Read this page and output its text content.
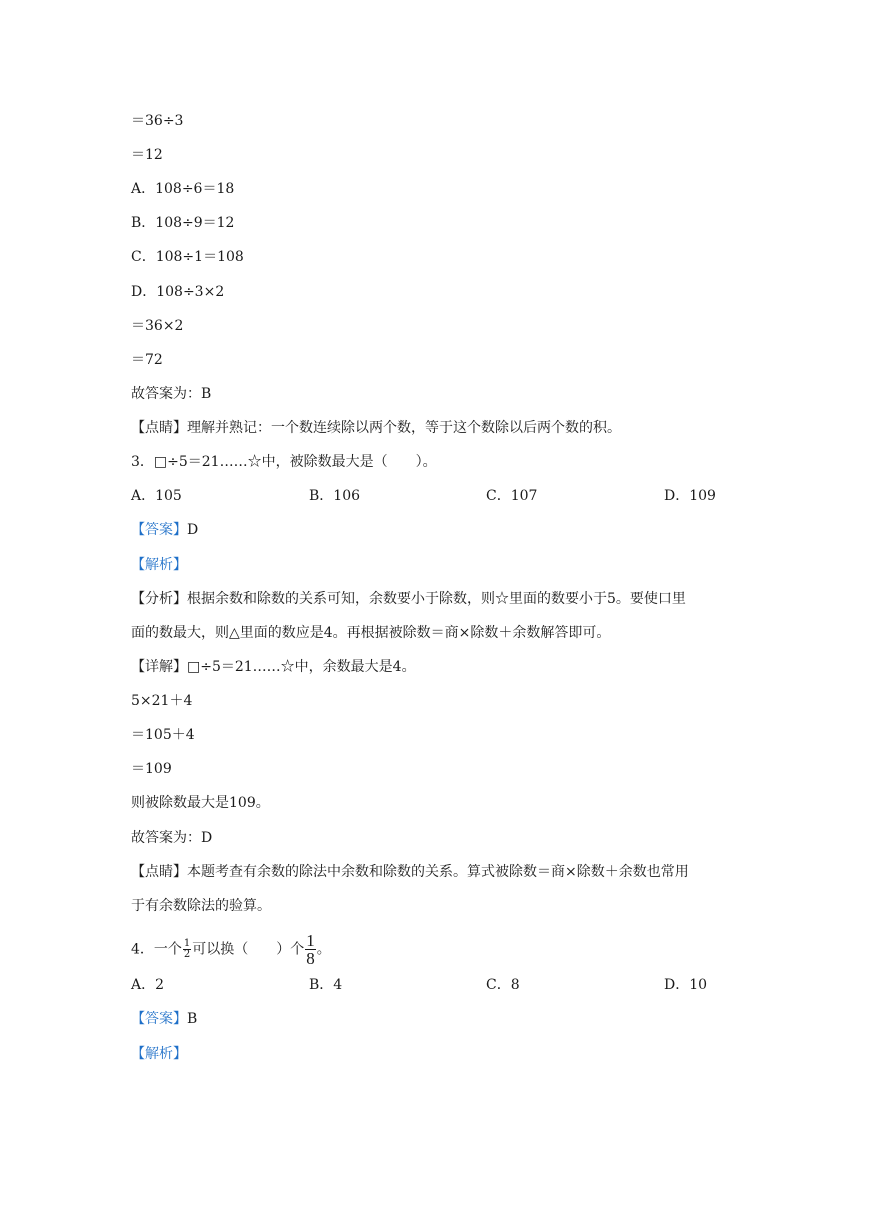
＝36÷3
＝12
A．108÷6＝18
B．108÷9＝12
C．108÷1＝108
D．108÷3×2
＝36×2
＝72
故答案为：B
【点睛】理解并熟记：一个数连续除以两个数，等于这个数除以后两个数的积。
3．□÷5＝21……☆中，被除数最大是（　　）。
A．105	B．106	C．107	D．109
【答案】D
【解析】
【分析】根据余数和除数的关系可知，余数要小于除数，则☆里面的数要小于5。要使口里
面的数最大，则△里面的数应是4。再根据被除数＝商×除数＋余数解答即可。
【详解】□÷5＝21……☆中，余数最大是4。
5×21＋4
＝105＋4
＝109
则被除数最大是109。
故答案为：D
【点睛】本题考查有余数的除法中余数和除数的关系。算式被除数＝商×除数＋余数也常用
于有余数除法的验算。
4．一个 $\frac{1}{2}$ 可以换（　　）个 $\frac{1}{8}$ 。
A．2	B．4	C．8	D．10
【答案】B
【解析】
